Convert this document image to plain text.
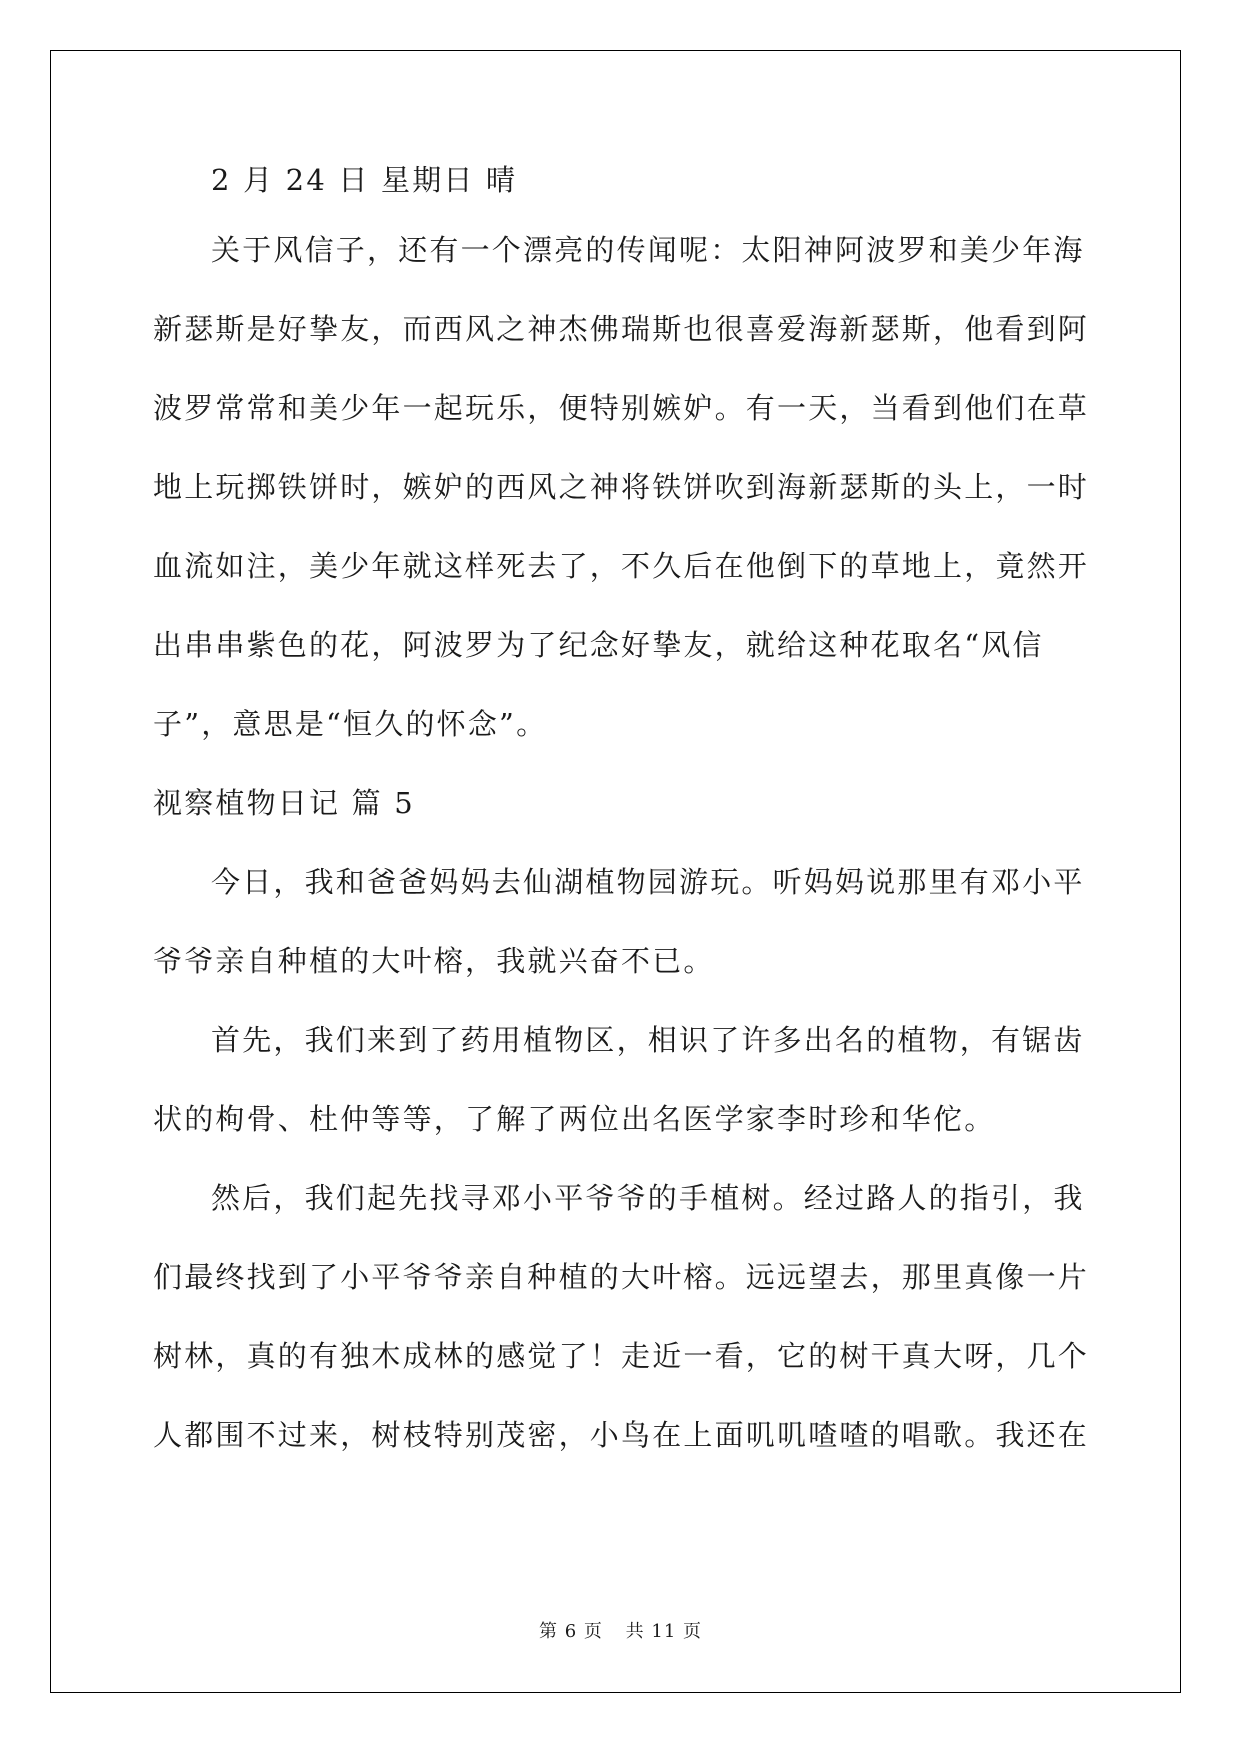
2 月 24 日 星期日 晴
关于风信子，还有一个漂亮的传闻呢：太阳神阿波罗和美少年海
新瑟斯是好挚友，而西风之神杰佛瑞斯也很喜爱海新瑟斯，他看到阿
波罗常常和美少年一起玩乐，便特别嫉妒。有一天，当看到他们在草
地上玩掷铁饼时，嫉妒的西风之神将铁饼吹到海新瑟斯的头上，一时
血流如注，美少年就这样死去了，不久后在他倒下的草地上，竟然开
出串串紫色的花，阿波罗为了纪念好挚友，就给这种花取名“风信
子”，意思是“恒久的怀念”。
视察植物日记 篇 5
今日，我和爸爸妈妈去仙湖植物园游玩。听妈妈说那里有邓小平
爷爷亲自种植的大叶榕，我就兴奋不已。
首先，我们来到了药用植物区，相识了许多出名的植物，有锯齿
状的枸骨、杜仲等等，了解了两位出名医学家李时珍和华佗。
然后，我们起先找寻邓小平爷爷的手植树。经过路人的指引，我
们最终找到了小平爷爷亲自种植的大叶榕。远远望去，那里真像一片
树林，真的有独木成林的感觉了！走近一看，它的树干真大呀，几个
人都围不过来，树枝特别茂密，小鸟在上面叽叽喳喳的唱歌。我还在
第 6 页 共 11 页
